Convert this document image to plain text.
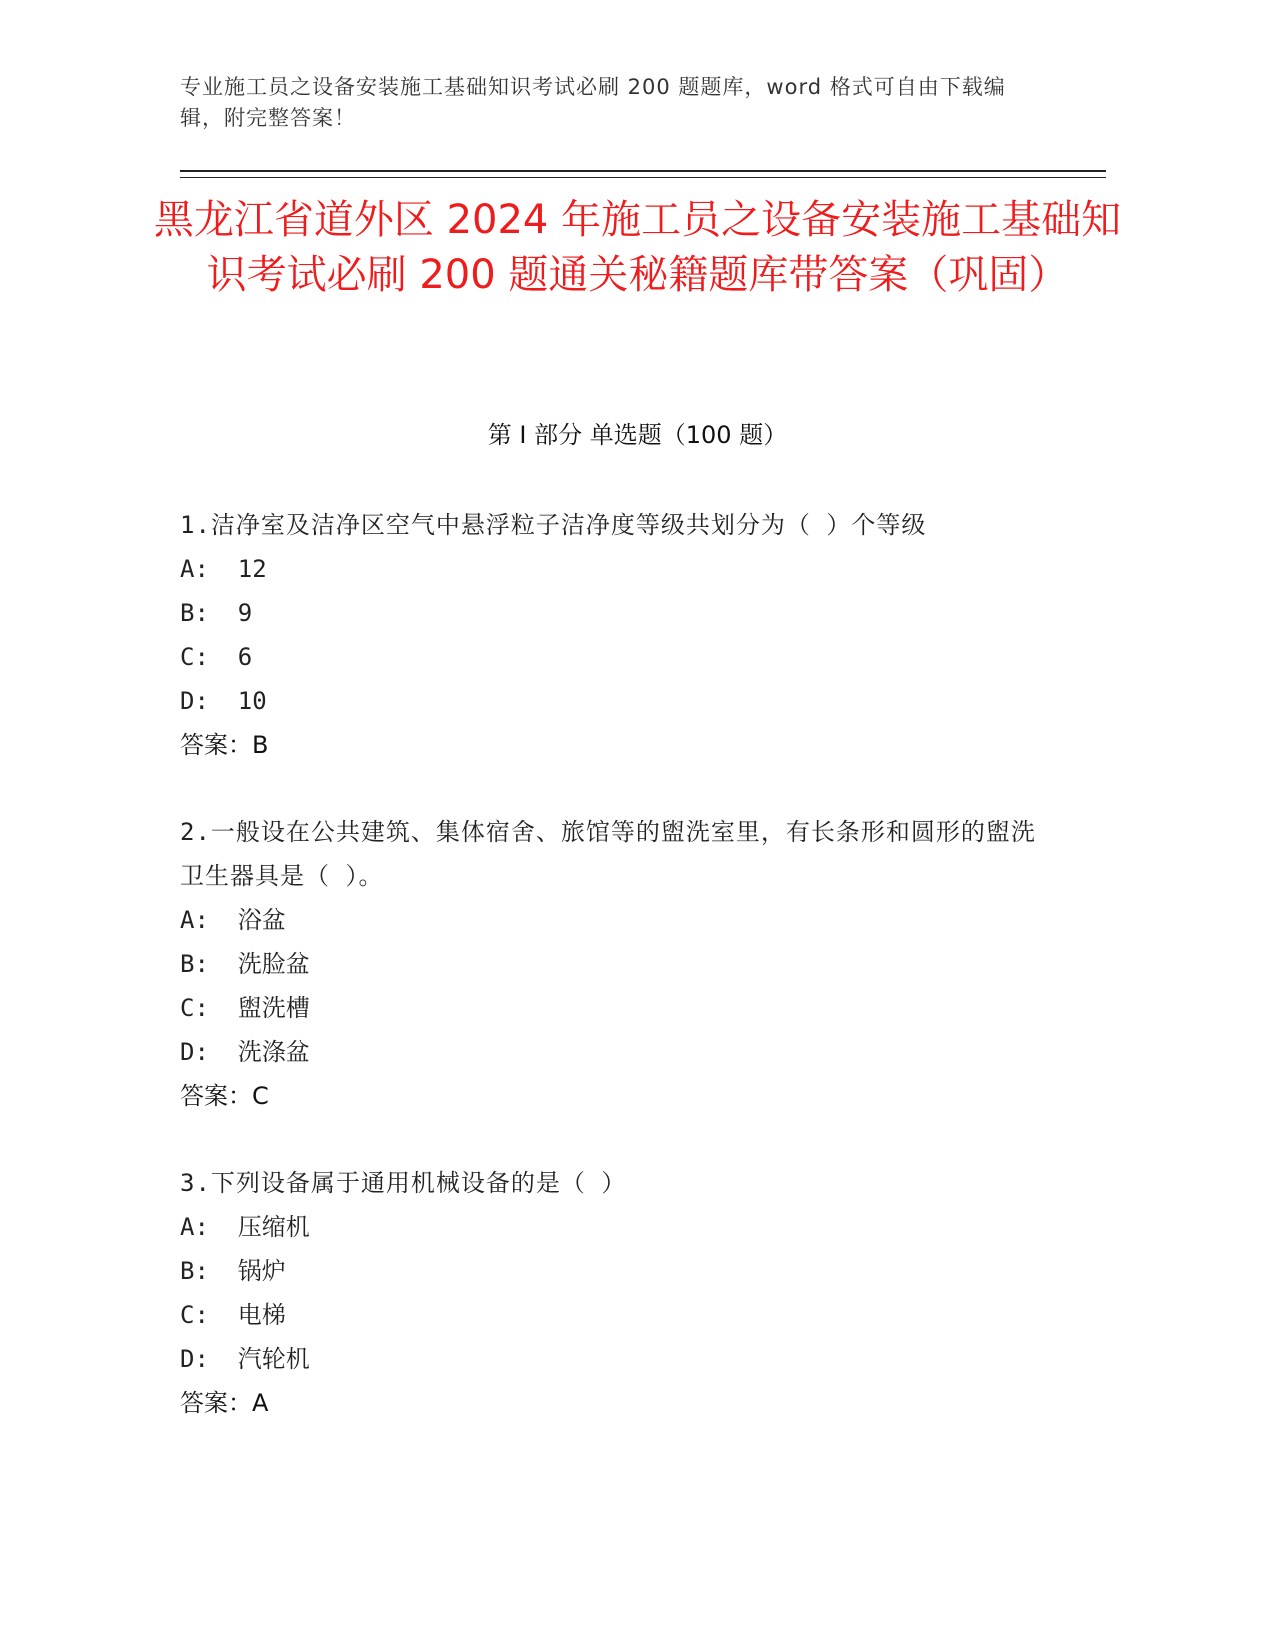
专业施工员之设备安装施工基础知识考试必刷 200 题题库，word 格式可自由下载编辑，附完整答案！
黑龙江省道外区 2024 年施工员之设备安装施工基础知识考试必刷 200 题通关秘籍题库带答案（巩固）
第 I 部分 单选题（100 题）
1.洁净室及洁净区空气中悬浮粒子洁净度等级共划分为（ ）个等级
A:  12
B:  9
C:  6
D:  10
答案：B
2.一般设在公共建筑、集体宿舍、旅馆等的盥洗室里，有长条形和圆形的盥洗卫生器具是（ ）。
A:  浴盆
B:  洗脸盆
C:  盥洗槽
D:  洗涤盆
答案：C
3.下列设备属于通用机械设备的是（ ）
A:  压缩机
B:  锅炉
C:  电梯
D:  汽轮机
答案：A
